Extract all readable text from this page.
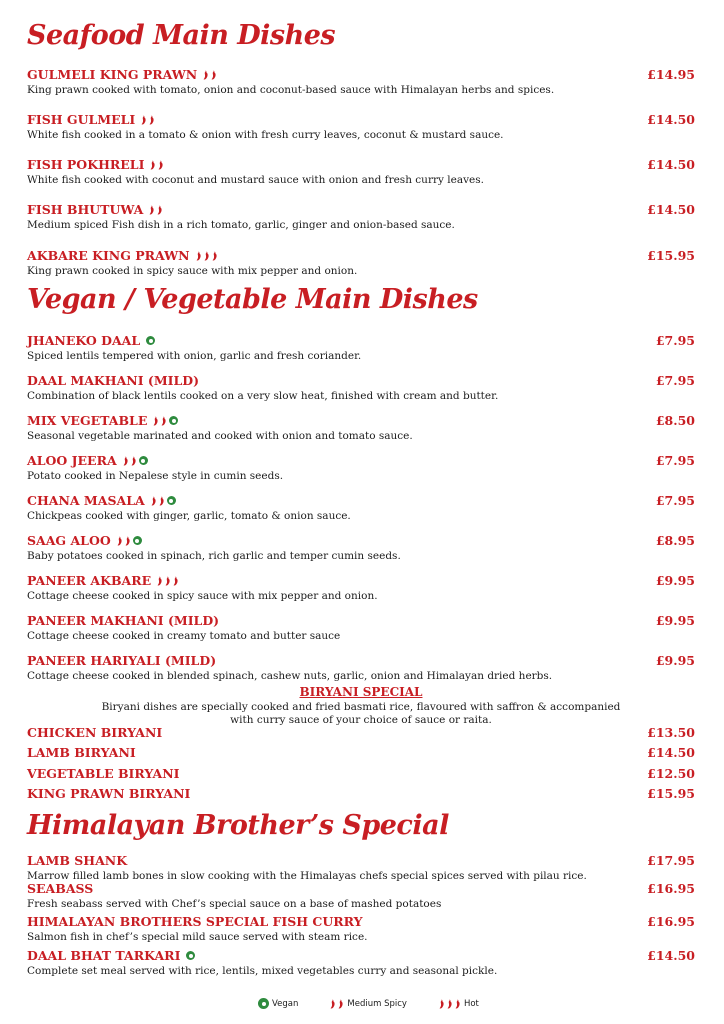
Seafood Main Dishes
GULMELI KING PRAWN	£14.95
King prawn cooked with tomato, onion and coconut-based sauce with Himalayan herbs and spices.
FISH GULMELI	£14.50
White fish cooked in a tomato & onion with fresh curry leaves, coconut & mustard sauce.
FISH POKHRELI	£14.50
White fish cooked with coconut and mustard sauce with onion and fresh curry leaves.
FISH BHUTUWA	£14.50
Medium spiced Fish dish in a rich tomato, garlic, ginger and onion-based sauce.
AKBARE KING PRAWN	£15.95
King prawn cooked in spicy sauce with mix pepper and onion.
Vegan / Vegetable Main Dishes
JHANEKO DAAL	£7.95
Spiced lentils tempered with onion, garlic and fresh coriander.
DAAL MAKHANI (MILD)	£7.95
Combination of black lentils cooked on a very slow heat, finished with cream and butter.
MIX VEGETABLE	£8.50
Seasonal vegetable marinated and cooked with onion and tomato sauce.
ALOO JEERA	£7.95
Potato cooked in Nepalese style in cumin seeds.
CHANA MASALA	£7.95
Chickpeas cooked with ginger, garlic, tomato & onion sauce.
SAAG ALOO	£8.95
Baby potatoes cooked in spinach, rich garlic and temper cumin seeds.
PANEER AKBARE	£9.95
Cottage cheese cooked in spicy sauce with mix pepper and onion.
PANEER MAKHANI (MILD)	£9.95
Cottage cheese cooked in creamy tomato and butter sauce
PANEER HARIYALI (MILD)	£9.95
Cottage cheese cooked in blended spinach, cashew nuts, garlic, onion and Himalayan dried herbs.
BIRYANI SPECIAL
Biryani dishes are specially cooked and fried basmati rice, flavoured with saffron & accompanied
with curry sauce of your choice of sauce or raita.
CHICKEN BIRYANI	£13.50
LAMB BIRYANI	£14.50
VEGETABLE BIRYANI	£12.50
KING PRAWN BIRYANI	£15.95
Himalayan Brother’s Special
LAMB SHANK	£17.95
Marrow filled lamb bones in slow cooking with the Himalayas chefs special spices served with pilau rice.
SEABASS	£16.95
Fresh seabass served with Chef’s special sauce on a base of mashed potatoes
HIMALAYAN BROTHERS SPECIAL FISH CURRY	£16.95
Salmon fish in chef’s special mild sauce served with steam rice.
DAAL BHAT TARKARI	£14.50
Complete set meal served with rice, lentils, mixed vegetables curry and seasonal pickle.
Vegan	Medium Spicy	Hot
